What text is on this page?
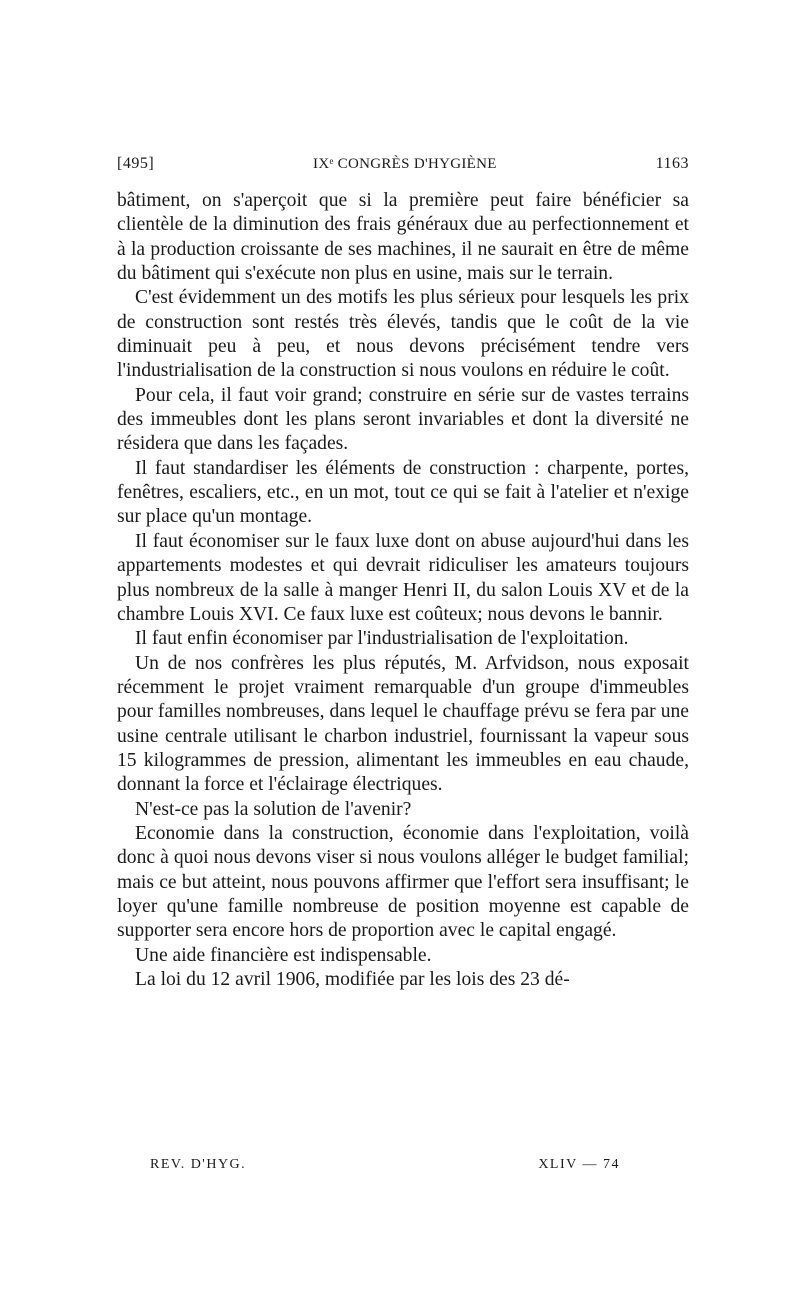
[495]	IXᵉ CONGRÈS D'HYGIÈNE	1163

bâtiment, on s'aperçoit que si la première peut faire bénéficier sa clientèle de la diminution des frais généraux due au perfectionnement et à la production croissante de ses machines, il ne saurait en être de même du bâtiment qui s'exécute non plus en usine, mais sur le terrain.

C'est évidemment un des motifs les plus sérieux pour lesquels les prix de construction sont restés très élevés, tandis que le coût de la vie diminuait peu à peu, et nous devons précisément tendre vers l'industrialisation de la construction si nous voulons en réduire le coût.

Pour cela, il faut voir grand; construire en série sur de vastes terrains des immeubles dont les plans seront invariables et dont la diversité ne résidera que dans les façades.

Il faut standardiser les éléments de construction : charpente, portes, fenêtres, escaliers, etc., en un mot, tout ce qui se fait à l'atelier et n'exige sur place qu'un montage.

Il faut économiser sur le faux luxe dont on abuse aujourd'hui dans les appartements modestes et qui devrait ridiculiser les amateurs toujours plus nombreux de la salle à manger Henri II, du salon Louis XV et de la chambre Louis XVI. Ce faux luxe est coûteux; nous devons le bannir.

Il faut enfin économiser par l'industrialisation de l'exploitation.

Un de nos confrères les plus réputés, M. Arfvidson, nous exposait récemment le projet vraiment remarquable d'un groupe d'immeubles pour familles nombreuses, dans lequel le chauffage prévu se fera par une usine centrale utilisant le charbon industriel, fournissant la vapeur sous 15 kilogrammes de pression, alimentant les immeubles en eau chaude, donnant la force et l'éclairage électriques.

N'est-ce pas la solution de l'avenir?

Economie dans la construction, économie dans l'exploitation, voilà donc à quoi nous devons viser si nous voulons alléger le budget familial; mais ce but atteint, nous pouvons affirmer que l'effort sera insuffisant; le loyer qu'une famille nombreuse de position moyenne est capable de supporter sera encore hors de proportion avec le capital engagé.

Une aide financière est indispensable.

La loi du 12 avril 1906, modifiée par les lois des 23 dé-

REV. D'HYG.	XLIV — 74
